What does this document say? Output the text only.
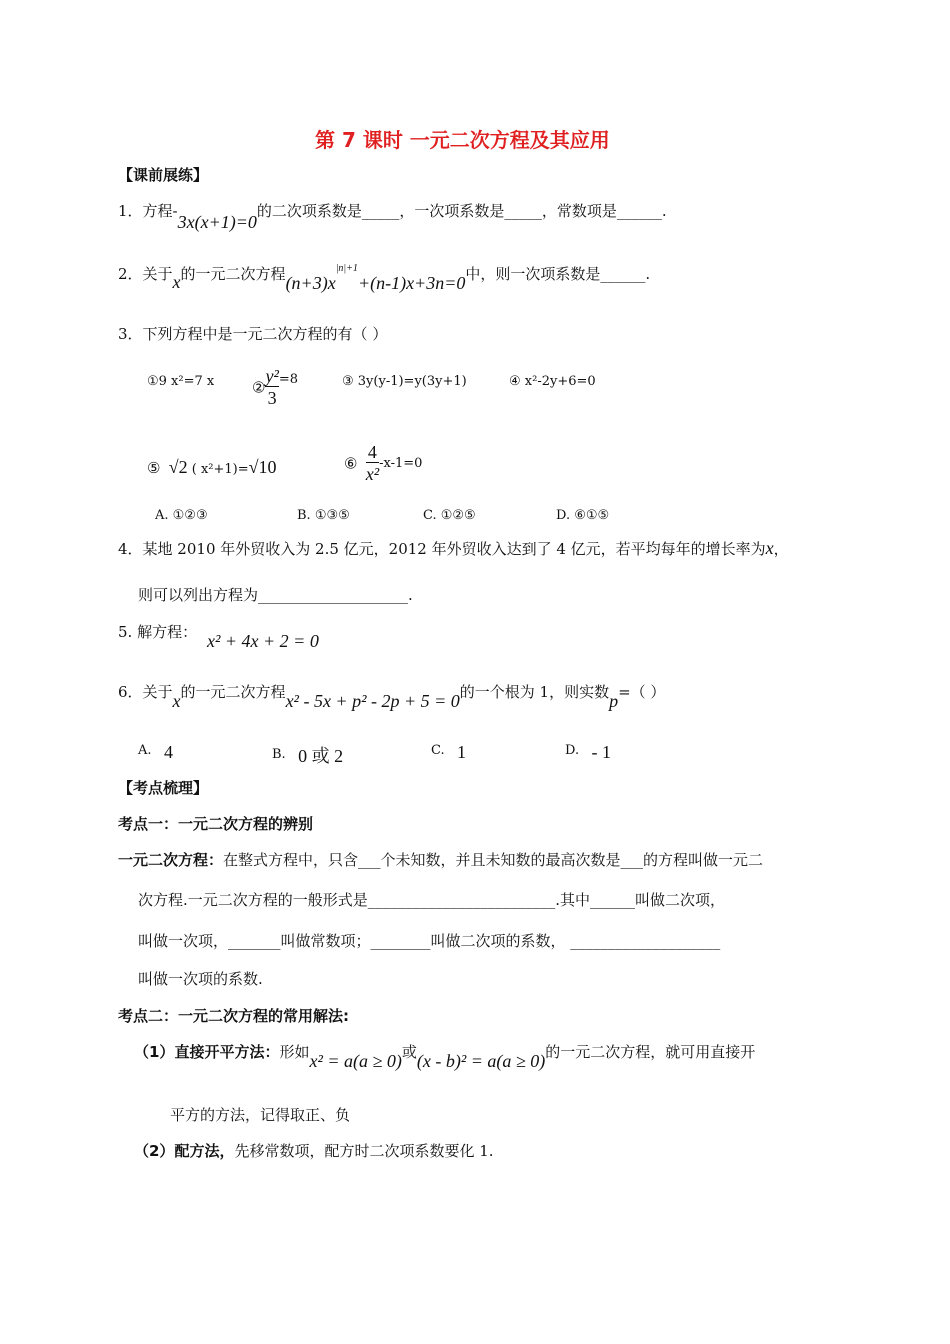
第 7 课时 一元二次方程及其应用
【课前展练】
1．方程-3x(x+1)=0的二次项系数是_____，一次项系数是_____，常数项是______.
2．关于x的一元二次方程$(n+3)x^{|n|+1}+(n-1)x+3n=0$中，则一次项系数是______.
3．下列方程中是一元二次方程的有（ ）
①9 x²=7 x	② $\frac{\text{y²}}{3} =8$	③ 3y(y-1)=y(3y+1)	④ x²-2y+6=0
⑤ √2 ( x²+1)=√10	⑥ $\frac{4}{\text{x²}} -x-1=0$
A. ①②③	B. ①③⑤	C. ①②⑤	D. ⑥①⑤
4．某地 2010 年外贸收入为 2.5 亿元，2012 年外贸收入达到了 4 亿元，若平均每年的增长率为x，
则可以列出方程为____________________.
5. 解方程： x² + 4x + 2 = 0
6．关于x的一元二次方程x² - 5x + p² - 2p + 5 = 0的一个根为 1，则实数p=（ ）
A. 4	B. 0 或 2	C. 1	D. - 1
【考点梳理】
考点一：一元二次方程的辨别
一元二次方程：在整式方程中，只含___个未知数，并且未知数的最高次数是___的方程叫做一元二
次方程.一元二次方程的一般形式是_________________________.其中______叫做二次项，
叫做一次项，_______叫做常数项；________叫做二次项的系数， ____________________
叫做一次项的系数.
考点二：一元二次方程的常用解法:
（1）直接开平方法：形如x² = a(a ≥ 0)或(x - b)² = a(a ≥ 0)的一元二次方程，就可用直接开
平方的方法，记得取正、负
（2）配方法，先移常数项，配方时二次项系数要化 1.
